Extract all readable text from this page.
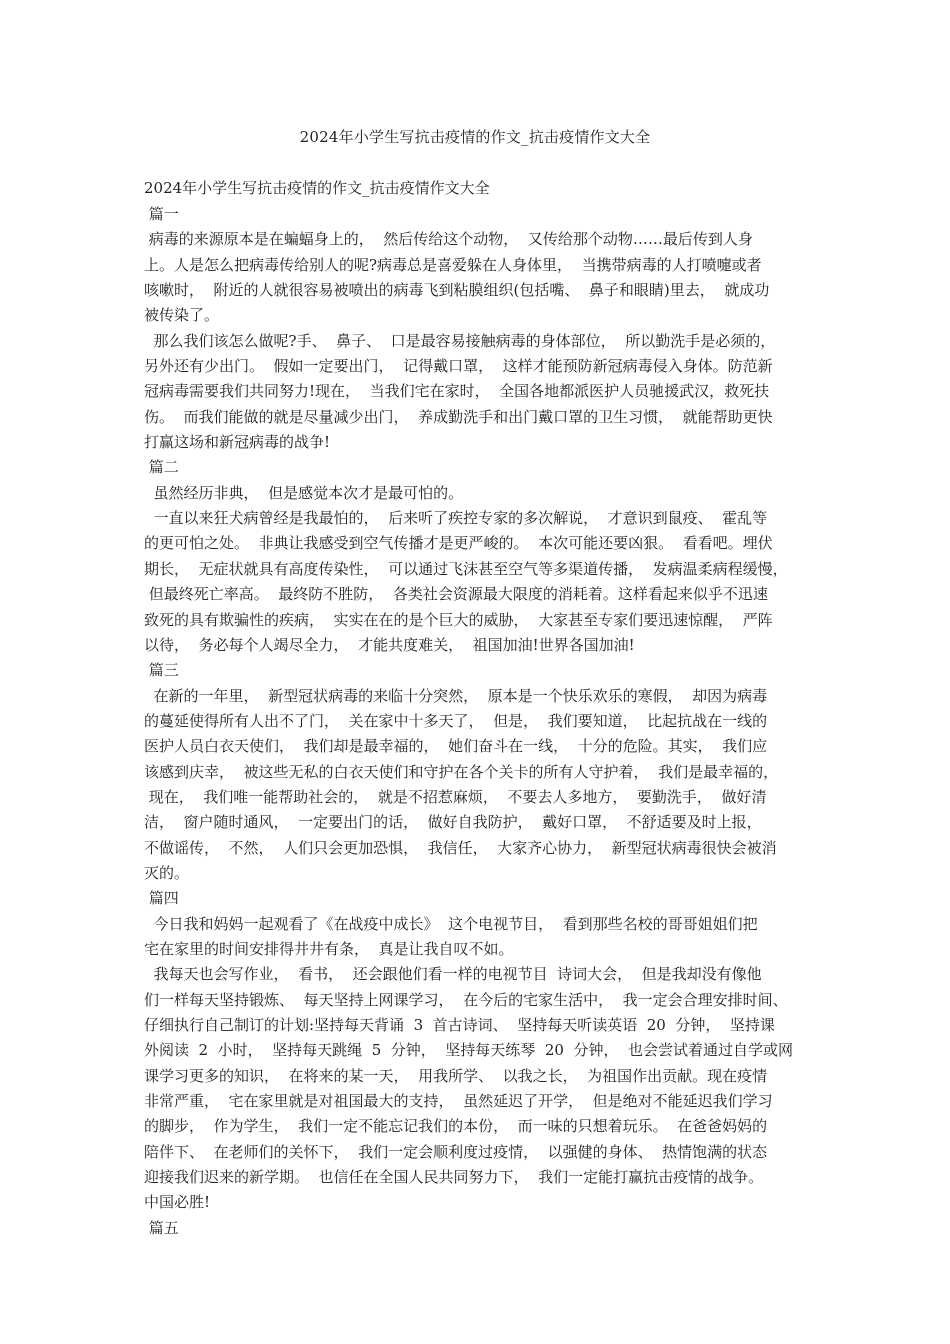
2024年小学生写抗击疫情的作文_抗击疫情作文大全
2024年小学生写抗击疫情的作文_抗击疫情作文大全
篇一
病毒的来源原本是在蝙蝠身上的，  然后传给这个动物，  又传给那个动物……最后传到人身
上。人是怎么把病毒传给别人的呢?病毒总是喜爱躲在人身体里，  当携带病毒的人打喷嚏或者
咳嗽时，  附近的人就很容易被喷出的病毒飞到粘膜组织(包括嘴、  鼻子和眼睛)里去，  就成功
被传染了。
那么我们该怎么做呢?手、  鼻子、  口是最容易接触病毒的身体部位，  所以勤洗手是必须的，
另外还有少出门。  假如一定要出门，  记得戴口罩，  这样才能预防新冠病毒侵入身体。防范新
冠病毒需要我们共同努力!现在，  当我们宅在家时，  全国各地都派医护人员驰援武汉，救死扶
伤。  而我们能做的就是尽量减少出门，  养成勤洗手和出门戴口罩的卫生习惯，  就能帮助更快
打赢这场和新冠病毒的战争!
篇二
虽然经历非典，  但是感觉本次才是最可怕的。
一直以来狂犬病曾经是我最怕的，  后来听了疾控专家的多次解说，  才意识到鼠疫、  霍乱等
的更可怕之处。  非典让我感受到空气传播才是更严峻的。  本次可能还要凶狠。  看看吧。埋伏
期长，  无症状就具有高度传染性，  可以通过飞沫甚至空气等多渠道传播，  发病温柔病程缓慢，
但最终死亡率高。  最终防不胜防，  各类社会资源最大限度的消耗着。这样看起来似乎不迅速
致死的具有欺骗性的疾病，  实实在在的是个巨大的威胁，  大家甚至专家们要迅速惊醒，  严阵
以待，  务必每个人竭尽全力，  才能共度难关，  祖国加油!世界各国加油!
篇三
在新的一年里，  新型冠状病毒的来临十分突然，  原本是一个快乐欢乐的寒假，  却因为病毒
的蔓延使得所有人出不了门，  关在家中十多天了，  但是，  我们要知道，  比起抗战在一线的
医护人员白衣天使们，  我们却是最幸福的，  她们奋斗在一线，  十分的危险。其实，  我们应
该感到庆幸，  被这些无私的白衣天使们和守护在各个关卡的所有人守护着，  我们是最幸福的，
现在，  我们唯一能帮助社会的，  就是不招惹麻烦，  不要去人多地方，  要勤洗手，  做好清
洁，  窗户随时通风，  一定要出门的话，  做好自我防护，  戴好口罩，  不舒适要及时上报，
不做谣传，  不然，  人们只会更加恐惧，  我信任，  大家齐心协力，  新型冠状病毒很快会被消
灭的。
篇四
今日我和妈妈一起观看了《在战疫中成长》  这个电视节目，  看到那些名校的哥哥姐姐们把
宅在家里的时间安排得井井有条，  真是让我自叹不如。
我每天也会写作业，  看书，  还会跟他们看一样的电视节目  诗词大会，  但是我却没有像他
们一样每天坚持锻炼、  每天坚持上网课学习，  在今后的宅家生活中，  我一定会合理安排时间、
仔细执行自己制订的计划:坚持每天背诵  3  首古诗词、  坚持每天听读英语  20  分钟，  坚持课
外阅读  2  小时，  坚持每天跳绳  5  分钟，  坚持每天练琴  20  分钟，  也会尝试着通过自学或网
课学习更多的知识，  在将来的某一天，  用我所学、  以我之长，  为祖国作出贡献。现在疫情
非常严重，  宅在家里就是对祖国最大的支持，  虽然延迟了开学，  但是绝对不能延迟我们学习
的脚步，  作为学生，  我们一定不能忘记我们的本份，  而一味的只想着玩乐。  在爸爸妈妈的
陪伴下、  在老师们的关怀下，  我们一定会顺利度过疫情，  以强健的身体、  热情饱满的状态
迎接我们迟来的新学期。  也信任在全国人民共同努力下，  我们一定能打赢抗击疫情的战争。
中国必胜!
篇五
